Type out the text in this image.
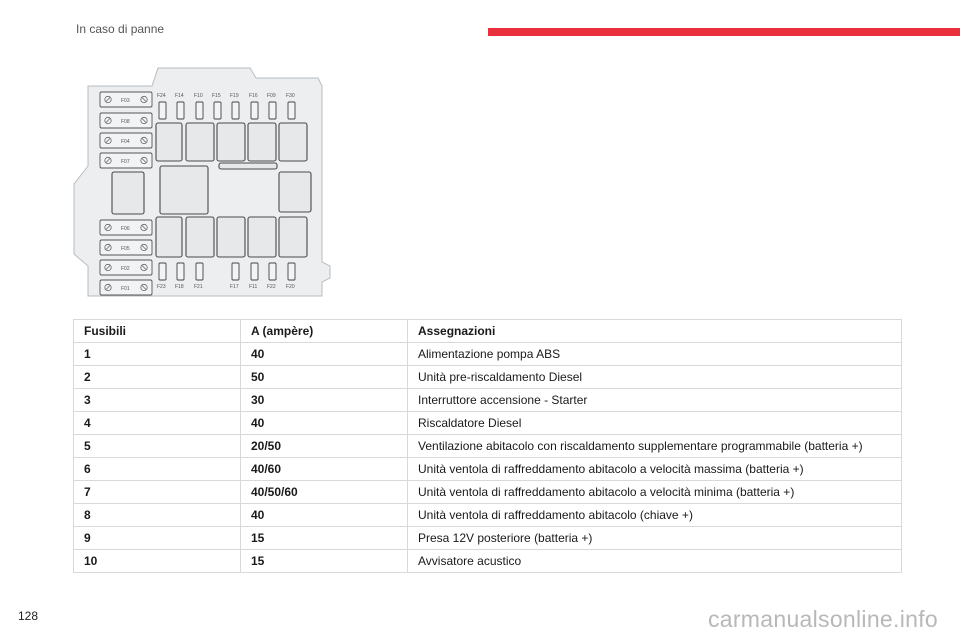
In caso di panne
F03
F08
F04
F07
F06
F05
F02
F01
F24 F14 F10 F15 F19 F16 F09 F30
F23 F18 F21	F17 F11 F22 F20
Fusibili	A (ampère)	Assegnazioni
1	40	Alimentazione pompa ABS
2	50	Unità pre-riscaldamento Diesel
3	30	Interruttore accensione - Starter
4	40	Riscaldatore Diesel
5	20/50	Ventilazione abitacolo con riscaldamento supplementare programmabile (batteria +)
6	40/60	Unità ventola di raffreddamento abitacolo a velocità massima (batteria +)
7	40/50/60	Unità ventola di raffreddamento abitacolo a velocità minima (batteria +)
8	40	Unità ventola di raffreddamento abitacolo (chiave +)
9	15	Presa 12V posteriore (batteria +)
10	15	Avvisatore acustico
128	carmanualsonline.info
